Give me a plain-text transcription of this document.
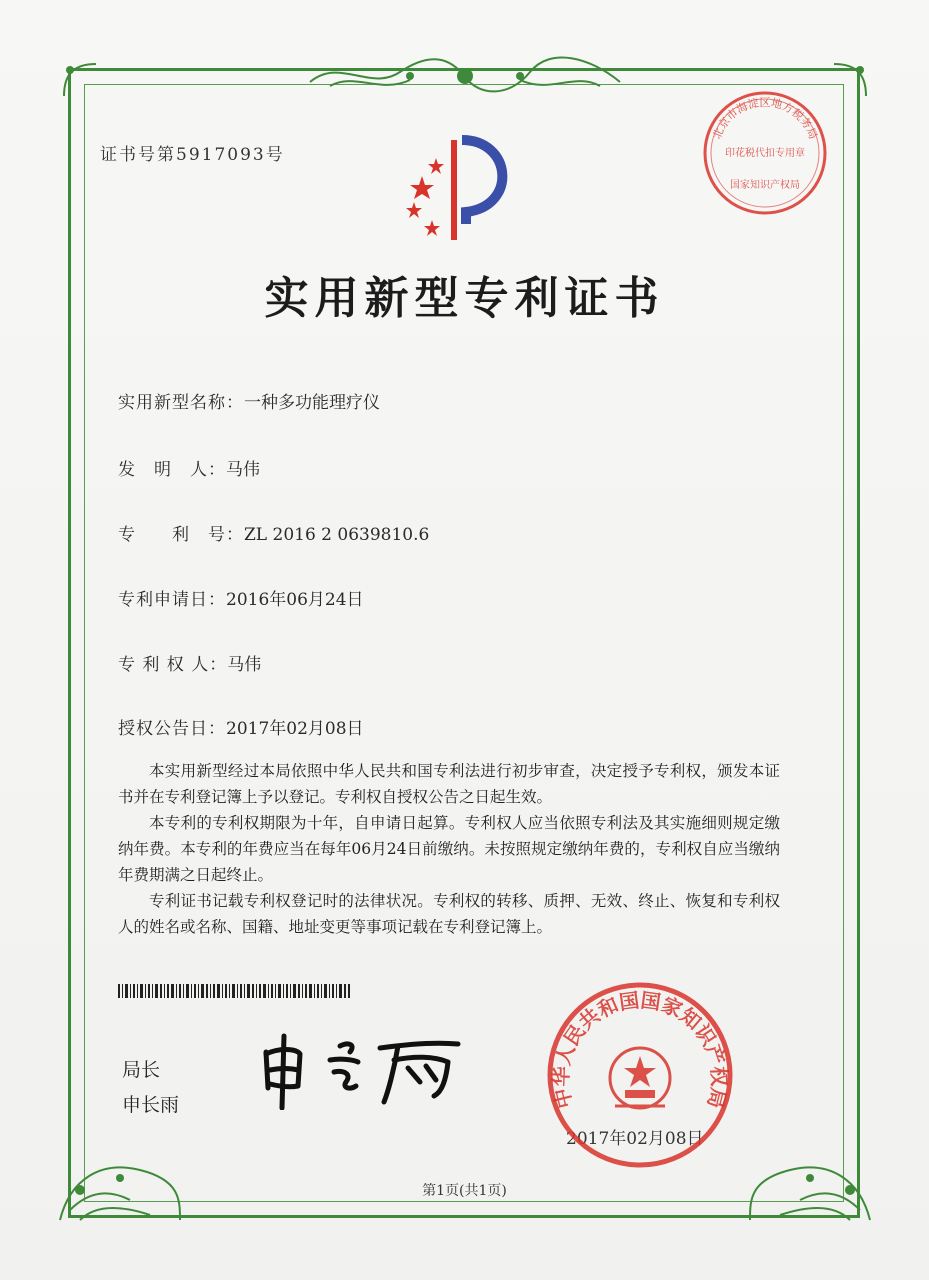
证书号第5917093号
实用新型专利证书
实用新型名称：一种多功能理疗仪
发　明　人：马伟
专　　利　号：ZL 2016 2 0639810.6
专利申请日：2016年06月24日
专 利 权 人：马伟
授权公告日：2017年02月08日

本实用新型经过本局依照中华人民共和国专利法进行初步审查，决定授予专利权，颁发本证书并在专利登记簿上予以登记。专利权自授权公告之日起生效。

本专利的专利权期限为十年，自申请日起算。专利权人应当依照专利法及其实施细则规定缴纳年费。本专利的年费应当在每年06月24日前缴纳。未按照规定缴纳年费的，专利权自应当缴纳年费期满之日起终止。

专利证书记载专利权登记时的法律状况。专利权的转移、质押、无效、终止、恢复和专利权人的姓名或名称、国籍、地址变更等事项记载在专利登记簿上。

局长
申长雨
2017年02月08日
第1页(共1页)
北京市海淀区地方税务局
印花税代扣专用章
国家知识产权局
中华人民共和国国家知识产权局
